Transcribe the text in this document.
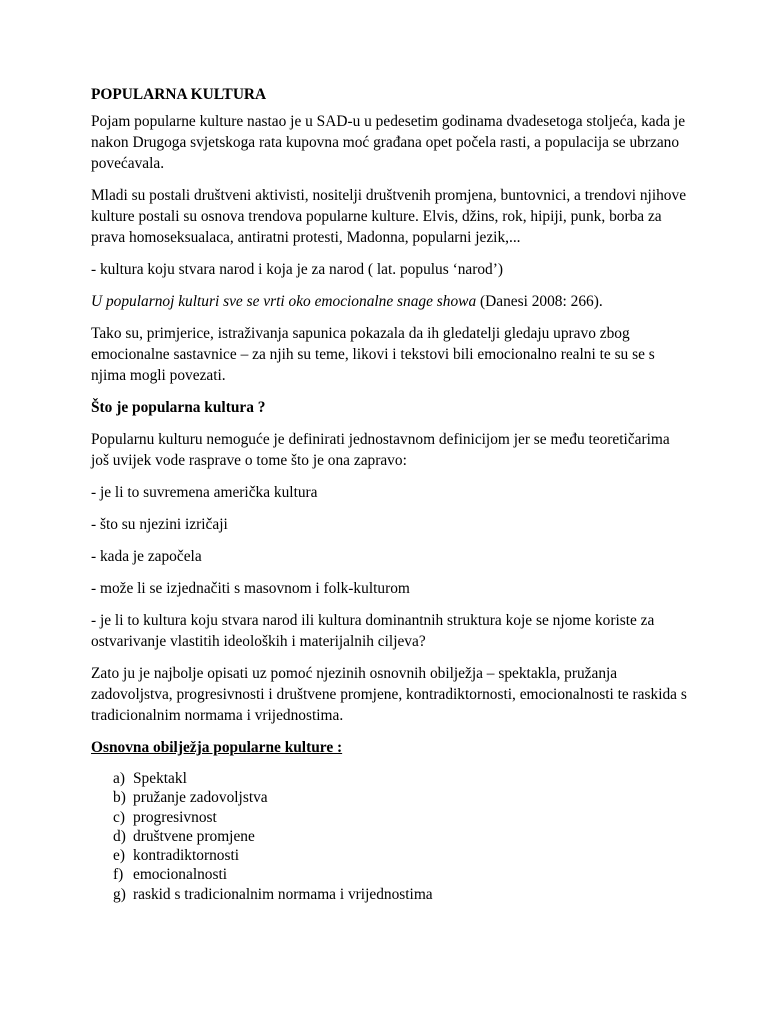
POPULARNA KULTURA

Pojam popularne kulture nastao je u SAD-u u pedesetim godinama dvadesetoga stoljeća, kada je nakon Drugoga svjetskoga rata kupovna moć građana opet počela rasti, a populacija se ubrzano povećavala.

Mladi su postali društveni aktivisti, nositelji društvenih promjena, buntovnici, a trendovi njihove kulture postali su osnova trendova popularne kulture. Elvis, džins, rok, hipiji, punk, borba za prava homoseksualaca, antiratni protesti, Madonna, popularni jezik,...

- kultura koju stvara narod i koja je za narod ( lat. populus ‘narod’)

U popularnoj kulturi sve se vrti oko emocionalne snage showa (Danesi 2008: 266).

Tako su, primjerice, istraživanja sapunica pokazala da ih gledatelji gledaju upravo zbog emocionalne sastavnice – za njih su teme, likovi i tekstovi bili emocionalno realni te su se s njima mogli povezati.

Što je popularna kultura ?

Popularnu kulturu nemoguće je definirati jednostavnom definicijom jer se među teoretičarima još uvijek vode rasprave o tome što je ona zapravo:

- je li to suvremena američka kultura

- što su njezini izričaji

- kada je započela

- može li se izjednačiti s masovnom i folk-kulturom

- je li to kultura koju stvara narod ili kultura dominantnih struktura koje se njome koriste za ostvarivanje vlastitih ideoloških i materijalnih ciljeva?

Zato ju je najbolje opisati uz pomoć njezinih osnovnih obilježja – spektakla, pružanja zadovoljstva, progresivnosti i društvene promjene, kontradiktornosti, emocionalnosti te raskida s tradicionalnim normama i vrijednostima.

Osnovna obilježja popularne kulture :
a) Spektakl
b) pružanje zadovoljstva
c) progresivnost
d) društvene promjene
e) kontradiktornosti
f) emocionalnosti
g) raskid s tradicionalnim normama i vrijednostima
